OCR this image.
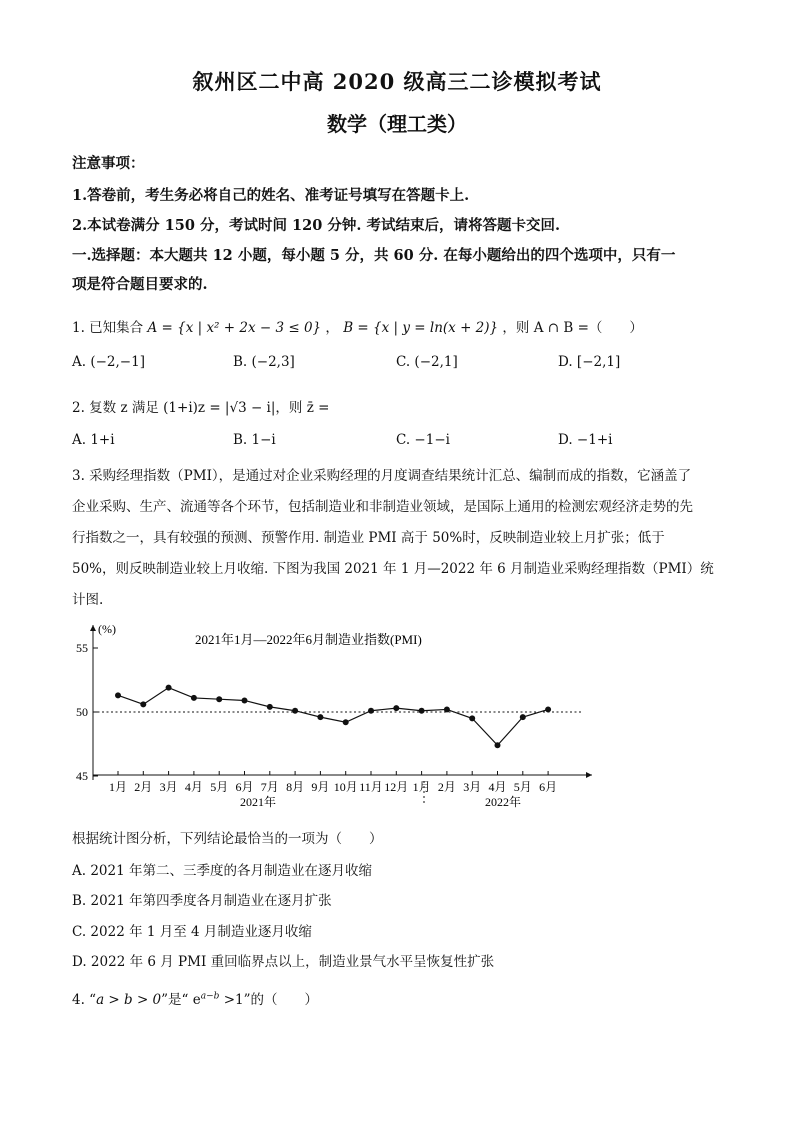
叙州区二中高 2020 级高三二诊模拟考试
数学（理工类）
注意事项：
1.答卷前，考生务必将自己的姓名、准考证号填写在答题卡上.
2.本试卷满分 150 分，考试时间 120 分钟. 考试结束后，请将答题卡交回.
一.选择题：本大题共 12 小题，每小题 5 分，共 60 分. 在每小题给出的四个选项中，只有一
项是符合题目要求的.
1. 已知集合 A = {x | x² + 2x − 3 ≤ 0} ， B = {x | y = ln(x + 2)} ，则 A ∩ B =（　　）
A. (−2,−1]	B. (−2,3]	C. (−2,1]	D. [−2,1]
2. 复数 z 满足 (1+i)z = |√3 − i|，则 z̄ =
A. 1+i	B. 1−i	C. −1−i	D. −1+i
3. 采购经理指数（PMI），是通过对企业采购经理的月度调查结果统计汇总、编制而成的指数，它涵盖了
企业采购、生产、流通等各个环节，包括制造业和非制造业领域，是国际上通用的检测宏观经济走势的先
行指数之一，具有较强的预测、预警作用. 制造业 PMI 高于 50%时，反映制造业较上月扩张；低于
50%，则反映制造业较上月收缩. 下图为我国 2021 年 1 月—2022 年 6 月制造业采购经理指数（PMI）统
计图.
(%)
2021年1月—2022年6月制造业指数(PMI)
45
50
55
1月 2月 3月 4月 5月 6月 7月 8月 9月 10月 11月 12月 1月 2月 3月 4月 5月 6月
2021年	2022年
根据统计图分析，下列结论最恰当的一项为（　　）
A. 2021 年第二、三季度的各月制造业在逐月收缩
B. 2021 年第四季度各月制造业在逐月扩张
C. 2022 年 1 月至 4 月制造业逐月收缩
D. 2022 年 6 月 PMI 重回临界点以上，制造业景气水平呈恢复性扩张
4. “a > b > 0”是“ $e^{a-b} >1$”的（　　）
